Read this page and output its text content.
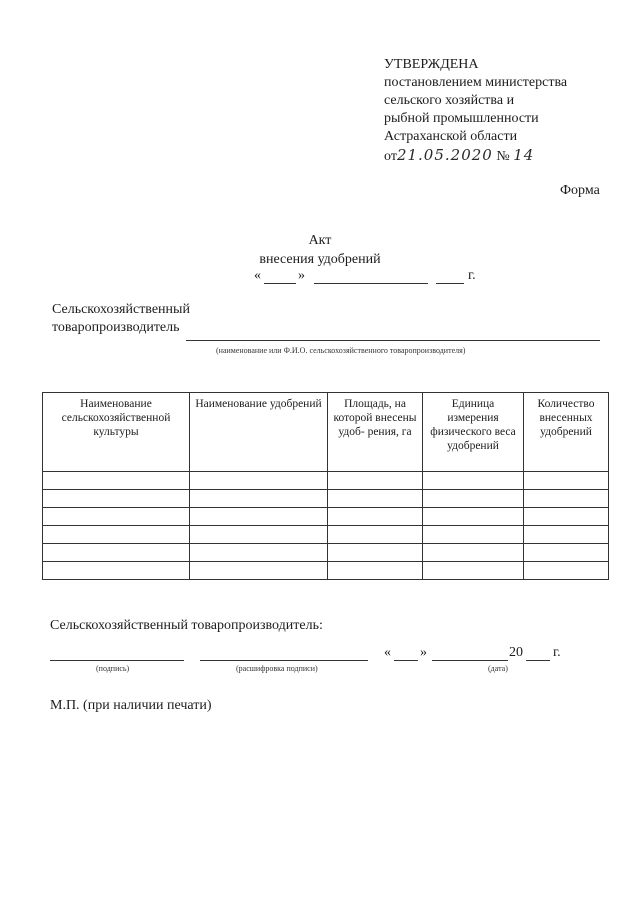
УТВЕРЖДЕНА
постановлением министерства
сельского хозяйства и
рыбной промышленности
Астраханской области
от21.05.2020 № 14
Форма
Акт
внесения удобрений
«	»	г.
Сельскохозяйственный
товаропроизводитель
(наименование или Ф.И.О. сельскохозяйственного товаропроизводителя)
Наименование сельскохозяйственной культуры	Наименование удобрений	Площадь, на которой внесены удоб- рения, га	Единица измерения физического веса удобрений	Количество внесенных удобрений

Сельскохозяйственный товаропроизводитель:
(подпись)	(расшифровка подписи)
« »
(дата)
20 г.
М.П. (при наличии печати)
